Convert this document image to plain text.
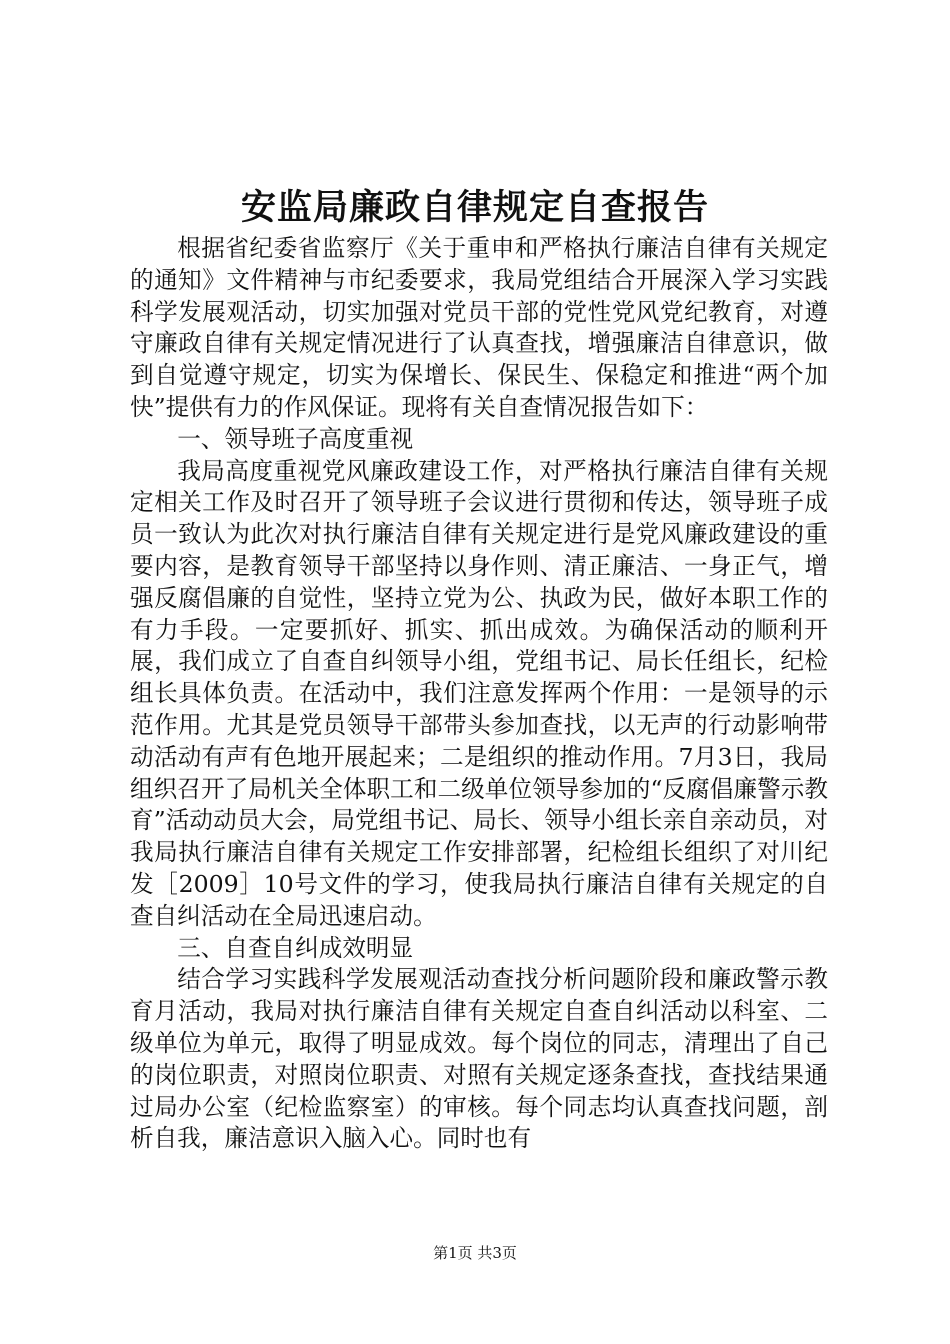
安监局廉政自律规定自查报告

根据省纪委省监察厅《关于重申和严格执行廉洁自律有关规定的通知》文件精神与市纪委要求，我局党组结合开展深入学习实践科学发展观活动，切实加强对党员干部的党性党风党纪教育，对遵守廉政自律有关规定情况进行了认真查找，增强廉洁自律意识，做到自觉遵守规定，切实为保增长、保民生、保稳定和推进“两个加快”提供有力的作风保证。现将有关自查情况报告如下：

一、领导班子高度重视

我局高度重视党风廉政建设工作，对严格执行廉洁自律有关规定相关工作及时召开了领导班子会议进行贯彻和传达，领导班子成员一致认为此次对执行廉洁自律有关规定进行是党风廉政建设的重要内容，是教育领导干部坚持以身作则、清正廉洁、一身正气，增强反腐倡廉的自觉性，坚持立党为公、执政为民，做好本职工作的有力手段。一定要抓好、抓实、抓出成效。为确保活动的顺利开展，我们成立了自查自纠领导小组，党组书记、局长任组长，纪检组长具体负责。在活动中，我们注意发挥两个作用：一是领导的示范作用。尤其是党员领导干部带头参加查找，以无声的行动影响带动活动有声有色地开展起来；二是组织的推动作用。7月3日，我局组织召开了局机关全体职工和二级单位领导参加的“反腐倡廉警示教育”活动动员大会，局党组书记、局长、领导小组长亲自亲动员，对我局执行廉洁自律有关规定工作安排部署，纪检组长组织了对川纪发［2009］10号文件的学习，使我局执行廉洁自律有关规定的自查自纠活动在全局迅速启动。

三、自查自纠成效明显

结合学习实践科学发展观活动查找分析问题阶段和廉政警示教育月活动，我局对执行廉洁自律有关规定自查自纠活动以科室、二级单位为单元，取得了明显成效。每个岗位的同志，清理出了自己的岗位职责，对照岗位职责、对照有关规定逐条查找，查找结果通过局办公室（纪检监察室）的审核。每个同志均认真查找问题，剖析自我，廉洁意识入脑入心。同时也有

第1页 共3页
